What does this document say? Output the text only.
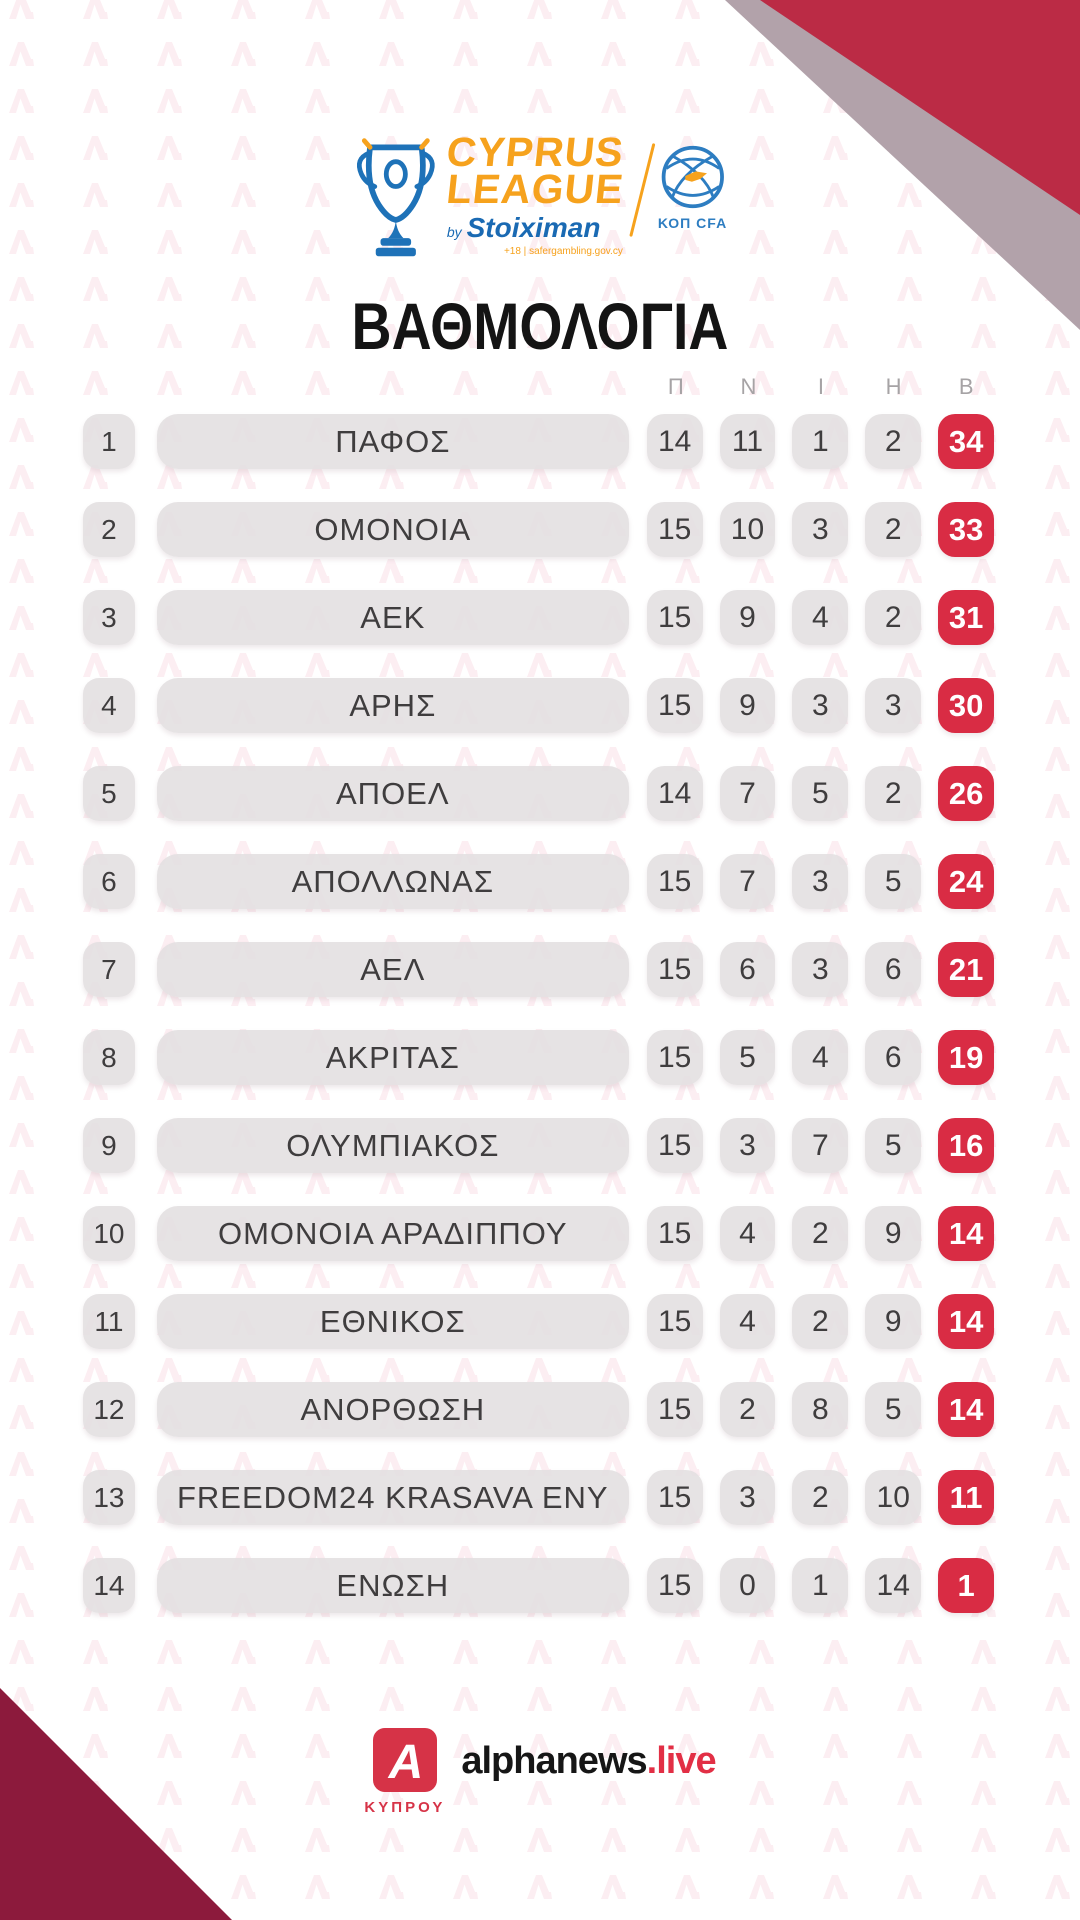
CYPRUS
LEAGUE
by Stoiximan
+18 | safergambling.gov.cy
ΚΟΠ CFA
ΒΑΘΜΟΛΟΓΙΑ
Π	Ν	Ι	Η	Β
1	ΠΑΦΟΣ	14	11	1	2	34
2	ΟΜΟΝΟΙΑ	15	10	3	2	33
3	ΑΕΚ	15	9	4	2	31
4	ΑΡΗΣ	15	9	3	3	30
5	ΑΠΟΕΛ	14	7	5	2	26
6	ΑΠΟΛΛΩΝΑΣ	15	7	3	5	24
7	ΑΕΛ	15	6	3	6	21
8	ΑΚΡΙΤΑΣ	15	5	4	6	19
9	ΟΛΥΜΠΙΑΚΟΣ	15	3	7	5	16
10	ΟΜΟΝΟΙΑ ΑΡΑΔΙΠΠΟΥ	15	4	2	9	14
11	ΕΘΝΙΚΟΣ	15	4	2	9	14
12	ΑΝΟΡΘΩΣΗ	15	2	8	5	14
13	FREEDOM24 KRASAVA ENY	15	3	2	10	11
14	ΕΝΩΣΗ	15	0	1	14	1
A
ΚΥΠΡΟΥ
alphanews.live
